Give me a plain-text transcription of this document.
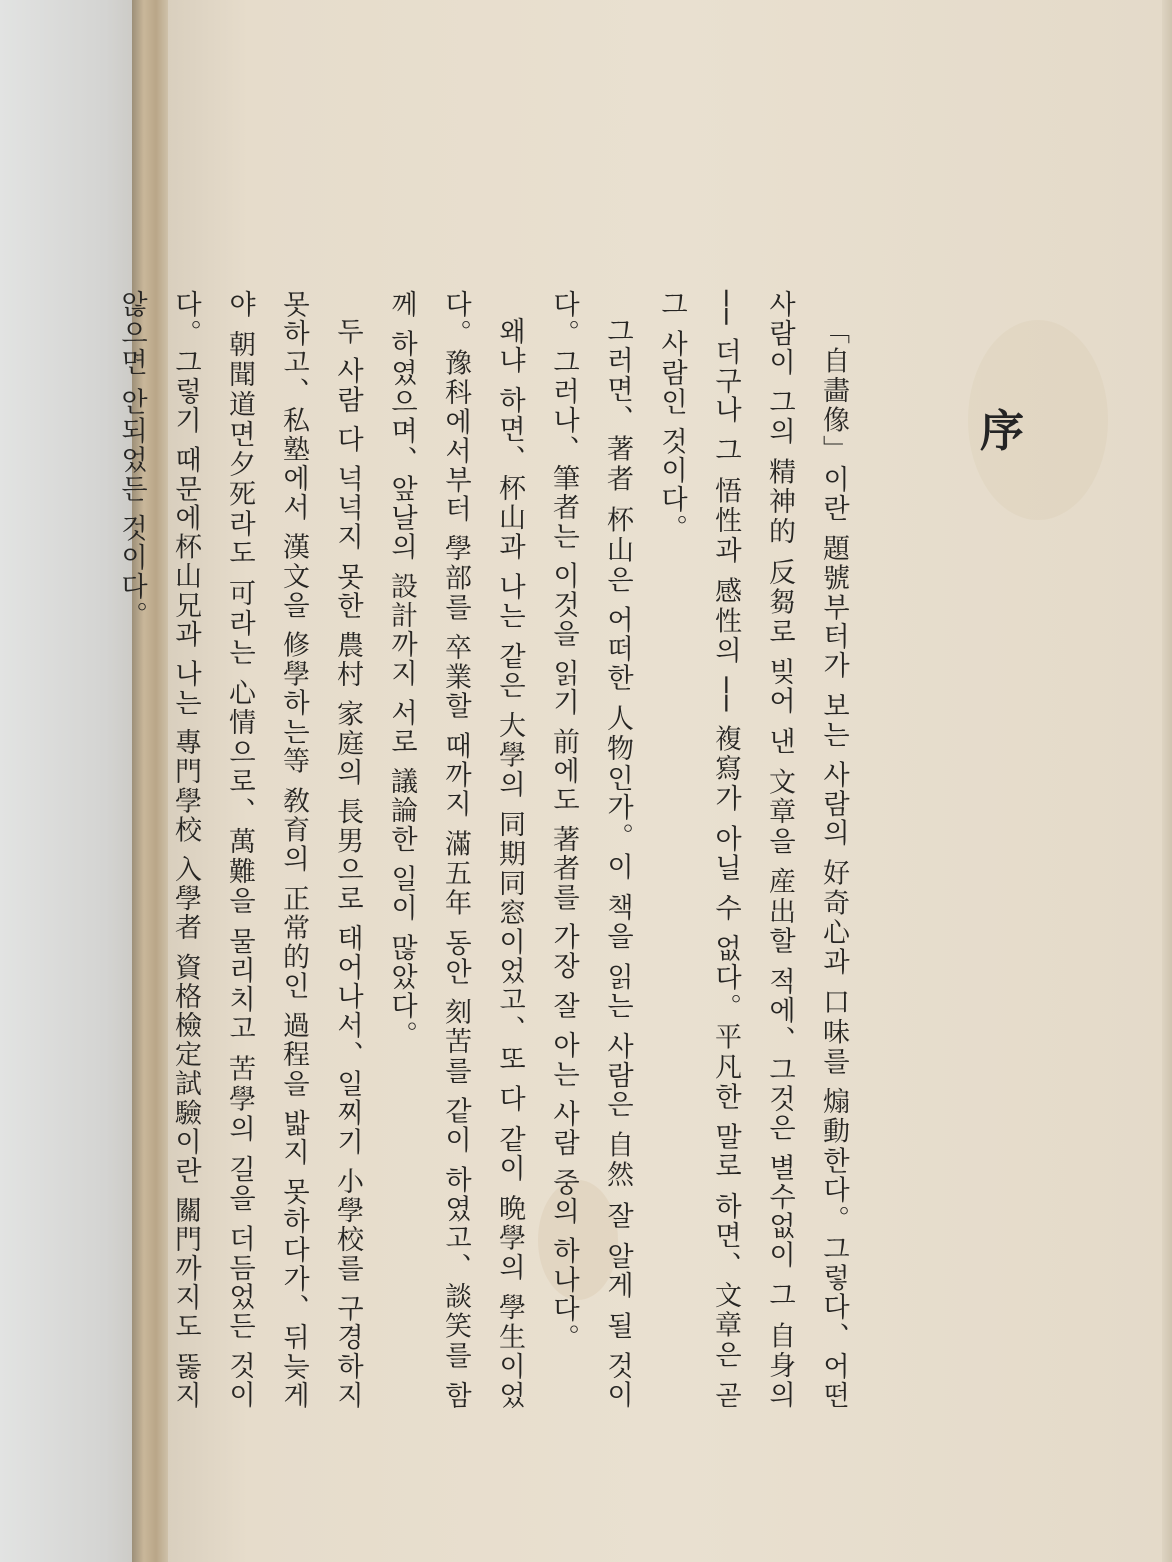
序

「自畵像」이란 題號부터가 보는 사람의 好奇心과 口味를 煽動한다。그렇다、어떤 사람이 그의 精神的 反芻로 빚어 낸 文章을 産出할 적에、그것은 별수없이 그 自身의 ── 더구나 그 悟性과 感性의 ── 複寫가 아닐 수 없다。平凡한 말로 하면、文章은 곧 그 사람인 것이다。

그러면、著者 杯山은 어떠한 人物인가。이 책을 읽는 사람은 自然 잘 알게 될 것이다。그러나、筆者는 이것을 읽기 前에도 著者를 가장 잘 아는 사람 중의 하나다。

왜냐 하면、杯山과 나는 같은 大學의 同期同窓이었고、또 다 같이 晩學의 學生이었다。豫科에서부터 學部를 卒業할 때까지 滿五年 동안 刻苦를 같이 하였고、談笑를 함께 하였으며、앞날의 設計까지 서로 議論한 일이 많았다。

두 사람 다 넉넉지 못한 農村 家庭의 長男으로 태어나서、일찌기 小學校를 구경하지 못하고、私塾에서 漢文을 修學하는等 敎育의 正常的인 過程을 밟지 못하다가、뒤늦게야 朝聞道면夕死라도 可라는 心情으로、萬難을 물리치고 苦學의 길을 더듬었든 것이다。그렇기 때문에杯山兄과 나는 專門學校 入學者 資格檢定試驗이란 關門까지도 뚫지 않으면 안되었든 것이다。
